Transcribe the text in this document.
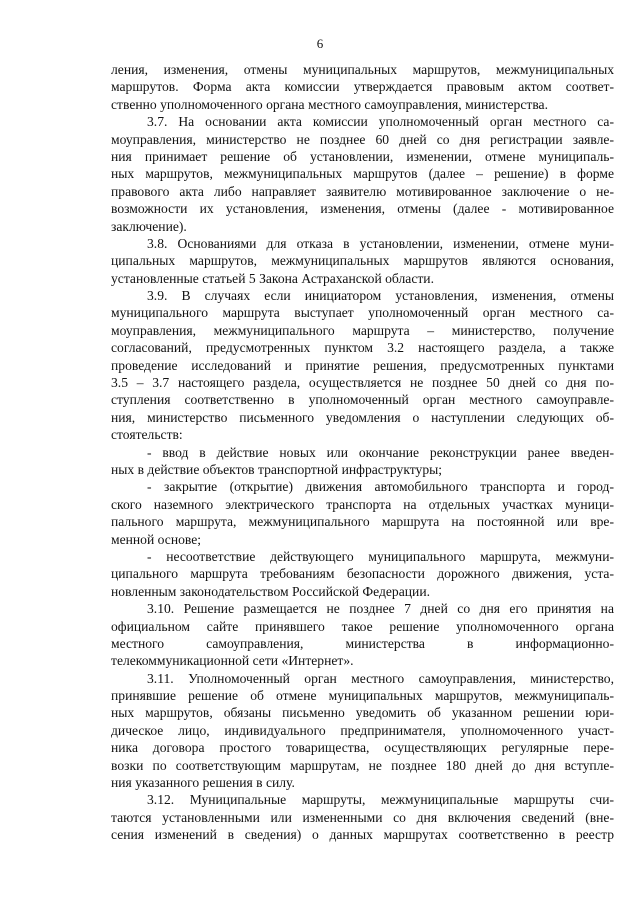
6
ления, изменения, отмены муниципальных маршрутов, межмуниципальных
маршрутов. Форма акта комиссии утверждается правовым актом соответ-
ственно уполномоченного органа местного самоуправления, министерства.
3.7. На основании акта комиссии уполномоченный орган местного са-
моуправления, министерство не позднее 60 дней со дня регистрации заявле-
ния принимает решение об установлении, изменении, отмене муниципаль-
ных маршрутов, межмуниципальных маршрутов (далее – решение) в форме
правового акта либо направляет заявителю мотивированное заключение о не-
возможности их установления, изменения, отмены (далее - мотивированное
заключение).
3.8. Основаниями для отказа в установлении, изменении, отмене муни-
ципальных маршрутов, межмуниципальных маршрутов являются основания,
установленные статьей 5 Закона Астраханской области.
3.9. В случаях если инициатором установления, изменения, отмены
муниципального маршрута выступает уполномоченный орган местного са-
моуправления, межмуниципального маршрута – министерство, получение
согласований, предусмотренных пунктом 3.2 настоящего раздела, а также
проведение исследований и принятие решения, предусмотренных пунктами
3.5 – 3.7 настоящего раздела, осуществляется не позднее 50 дней со дня по-
ступления соответственно в уполномоченный орган местного самоуправле-
ния, министерство письменного уведомления о наступлении следующих об-
стоятельств:
- ввод в действие новых или окончание реконструкции ранее введен-
ных в действие объектов транспортной инфраструктуры;
- закрытие (открытие) движения автомобильного транспорта и город-
ского наземного электрического транспорта на отдельных участках муници-
пального маршрута, межмуниципального маршрута на постоянной или вре-
менной основе;
- несоответствие действующего муниципального маршрута, межмуни-
ципального маршрута требованиям безопасности дорожного движения, уста-
новленным законодательством Российской Федерации.
3.10. Решение размещается не позднее 7 дней со дня его принятия на
официальном сайте принявшего такое решение уполномоченного органа
местного самоуправления, министерства в информационно-
телекоммуникационной сети «Интернет».
3.11. Уполномоченный орган местного самоуправления, министерство,
принявшие решение об отмене муниципальных маршрутов, межмуниципаль-
ных маршрутов, обязаны письменно уведомить об указанном решении юри-
дическое лицо, индивидуального предпринимателя, уполномоченного участ-
ника договора простого товарищества, осуществляющих регулярные пере-
возки по соответствующим маршрутам, не позднее 180 дней до дня вступле-
ния указанного решения в силу.
3.12. Муниципальные маршруты, межмуниципальные маршруты счи-
таются установленными или измененными со дня включения сведений (вне-
сения изменений в сведения) о данных маршрутах соответственно в реестр
